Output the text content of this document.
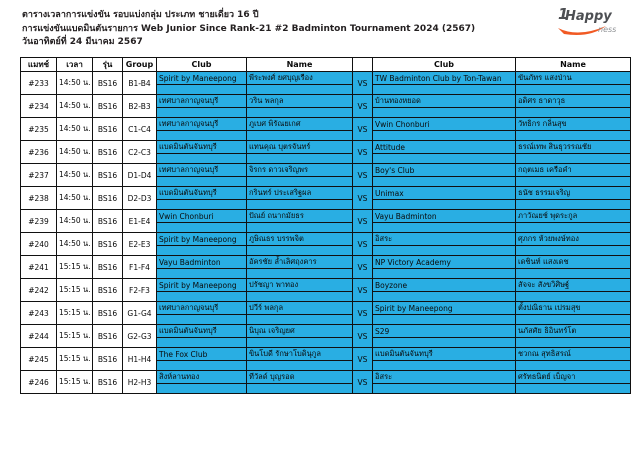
ตารางเวลาการแข่งขัน รอบแบ่งกลุ่ม ประเภท ชายเดี่ยว 16 ปี
การแข่งขันแบดมินตันรายการ Web Junior Since Rank-21 #2 Badminton Tournament 2024 (2567)
วันอาทิตย์ที่ 24 มีนาคม 2567
1
Happy
ness
แมทช์	เวลา	รุ่น	Group	Club	Name		Club	Name
#233	14:50 น.	BS16	B1-B4	Spirit by Maneepong	พีระพงศ์ ยศบุญเรือง	VS	TW Badminton Club by Ton-Tawan	ขันภัทร แสงป่าน

#234	14:50 น.	BS16	B2-B3	เทศบาลกาญจนบุรี	วริน พลกุล	VS	บ้านทองหยอด	อดิศร ธาดาวุธ

#235	14:50 น.	BS16	C1-C4	เทศบาลกาญจนบุรี	ภูเบศ พิรัณยเกศ	VS	Vwin Chonburi	วัทธิกร กลิ่นสุข

#236	14:50 น.	BS16	C2-C3	แบดมินตันจันทบุรี	แทนคุณ บุตรจันทร์	VS	Attitude	ธรณ์เทพ สินธุวรรณชัย

#237	14:50 น.	BS16	D1-D4	เทศบาลกาญจนบุรี	จิรกร ดาวเจริญพร	VS	Boy's Club	กฤตเมธ เครือคำ

#238	14:50 น.	BS16	D2-D3	แบดมินตันจันทบุรี	กรินทร์ ประเสริฐผล	VS	Unimax	ธนัช ธรรมเจริญ

#239	14:50 น.	BS16	E1-E4	Vwin Chonburi	ปัณย์ ถนากมัยธร	VS	Vayu Badminton	ภาวัณยช์ พุดระกูล

#240	14:50 น.	BS16	E2-E3	Spirit by Maneepong	ภูษิณธร บรรพจิต	VS	อิสระ	ศุภกร ห้วยพงษ์ทอง

#241	15:15 น.	BS16	F1-F4	Vayu Badminton	อัครชัย ล้ำเลิศฤงคาร	VS	NP Victory Academy	เดชินท์ แสงเดช

#242	15:15 น.	BS16	F2-F3	Spirit by Maneepong	ปรัชญา พาทอง	VS	Boyzone	สัจจะ สังขวิศิษฐ์

#243	15:15 น.	BS16	G1-G4	เทศบาลกาญจนบุรี	ปวีร์ พลกุล	VS	Spirit by Maneepong	ตั้งปณิธาน เปรมสุข

#244	15:15 น.	BS16	G2-G3	แบดมินตันจันทบุรี	นิบุณ เจริญยศ	VS	S29	นภัสศัย ธิอินทร์โต

#245	15:15 น.	BS16	H1-H4	The Fox Club	ขินโบดี รักษาโบดินุกูล	VS	แบดมินตันจันทบุรี	ชวกณ สุทธิสรณ์

#246	15:15 น.	BS16	H2-H3	สิงห์ลานทอง	ทีวัลด์ บุญรอด	VS	อิสระ	ศรัทธนิตย์ เบ็ญจา
